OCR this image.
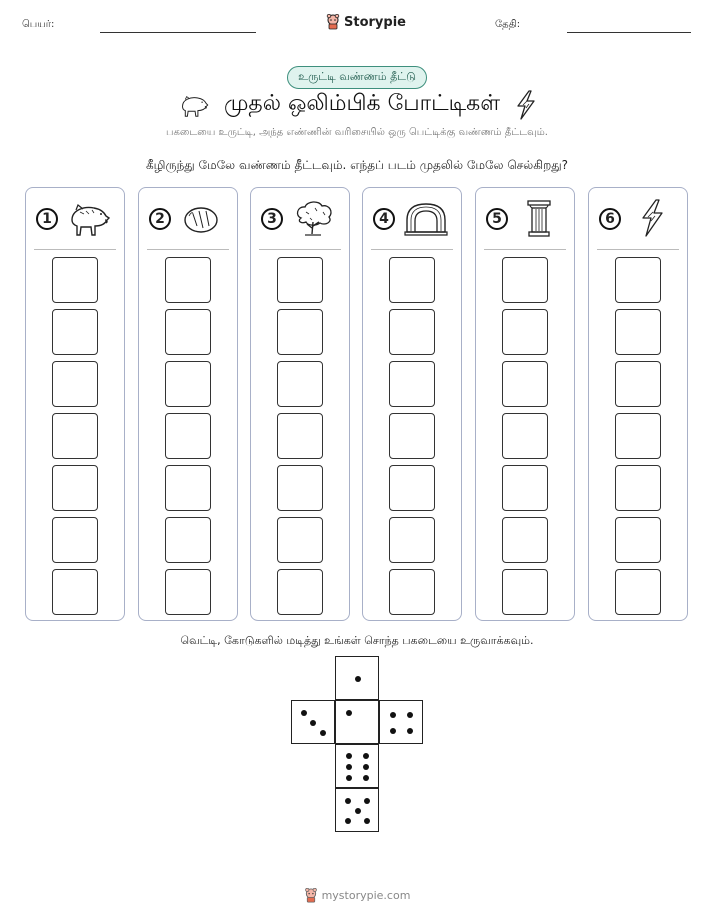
பெயர்:	Storypie	தேதி:
உருட்டி வண்ணம் தீட்டு
முதல் ஒலிம்பிக் போட்டிகள்
பகடையை உருட்டி, அந்த எண்ணின் வரிசையில் ஒரு பெட்டிக்கு வண்ணம் தீட்டவும்.
கீழிருந்து மேலே வண்ணம் தீட்டவும். எந்தப் படம் முதலில் மேலே செல்கிறது?
1	2	3	4	5	6
வெட்டி, கோடுகளில் மடித்து உங்கள் சொந்த பகடையை உருவாக்கவும்.
mystorypie.com
